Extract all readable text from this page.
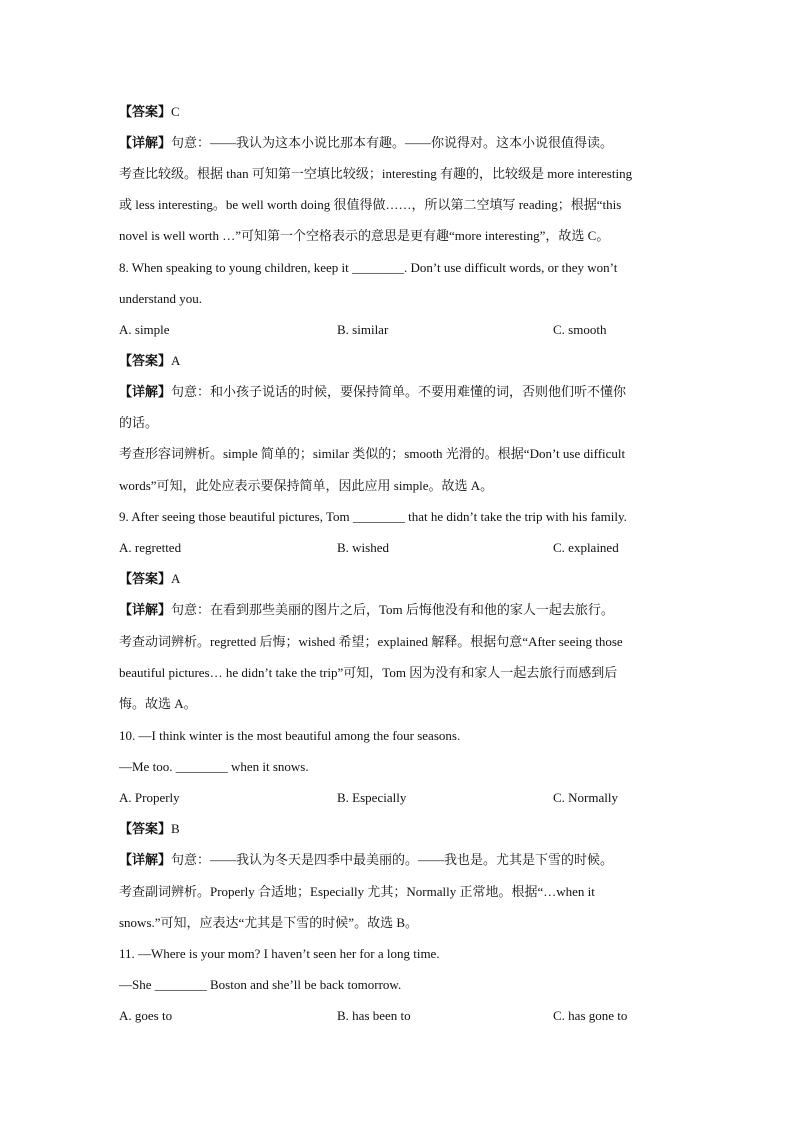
【答案】C
【详解】句意：——我认为这本小说比那本有趣。——你说得对。这本小说很值得读。
考查比较级。根据 than 可知第一空填比较级；interesting 有趣的，比较级是 more interesting
或 less interesting。be well worth doing 很值得做……，所以第二空填写 reading；根据“this
novel is well worth …”可知第一个空格表示的意思是更有趣“more interesting”，故选 C。
8. When speaking to young children, keep it ________. Don’t use difficult words, or they won’t
understand you.
A. simple	B. similar	C. smooth
【答案】A
【详解】句意：和小孩子说话的时候，要保持简单。不要用难懂的词，否则他们听不懂你
的话。
考查形容词辨析。simple 简单的；similar 类似的；smooth 光滑的。根据“Don’t use difficult
words”可知，此处应表示要保持简单，因此应用 simple。故选 A。
9. After seeing those beautiful pictures, Tom ________ that he didn’t take the trip with his family.
A. regretted	B. wished	C. explained
【答案】A
【详解】句意：在看到那些美丽的图片之后，Tom 后悔他没有和他的家人一起去旅行。
考查动词辨析。regretted 后悔；wished 希望；explained 解释。根据句意“After seeing those
beautiful pictures… he didn’t take the trip”可知，Tom 因为没有和家人一起去旅行而感到后
悔。故选 A。
10. —I think winter is the most beautiful among the four seasons.
—Me too. ________ when it snows.
A. Properly	B. Especially	C. Normally
【答案】B
【详解】句意：——我认为冬天是四季中最美丽的。——我也是。尤其是下雪的时候。
考查副词辨析。Properly 合适地；Especially 尤其；Normally 正常地。根据“…when it
snows.”可知，应表达“尤其是下雪的时候”。故选 B。
11. —Where is your mom? I haven’t seen her for a long time.
—She ________ Boston and she’ll be back tomorrow.
A. goes to	B. has been to	C. has gone to
